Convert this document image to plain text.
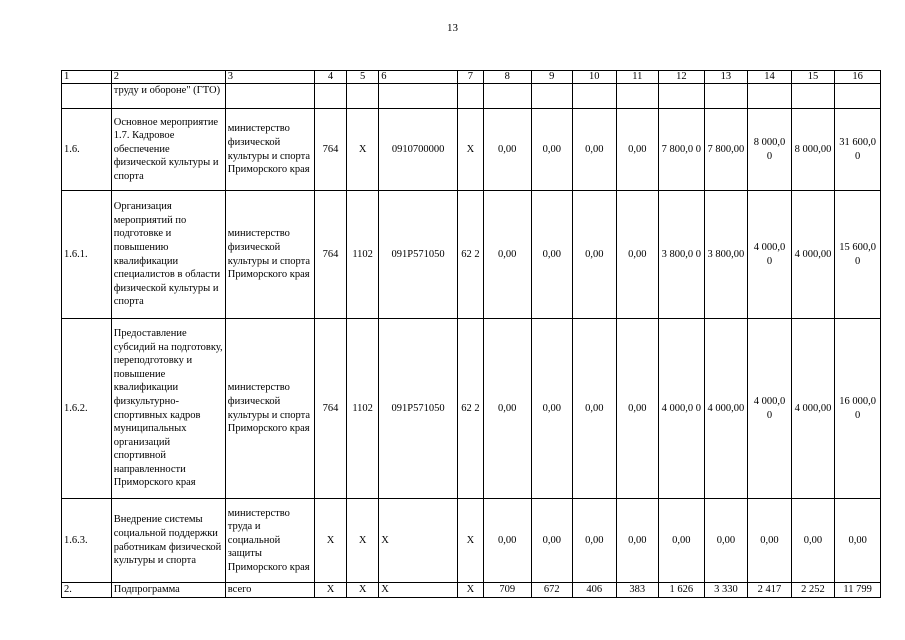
13
1	2	3	4	5	6	7	8	9	10	11	12	13	14	15	16
	труду и обороне" (ГТО)														
1.6.	Основное мероприятие 1.7. Кадровое обеспечение физической культуры и спорта	министерство физической культуры и спорта Приморского края	764	Х	0910700000	Х	0,00	0,00	0,00	0,00	7 800,0 0	7 800,00	8 000,0 0	8 000,00	31 600,00
1.6.1.	Организация мероприятий по подготовке и повышению квалификации специалистов в области физической культуры и спорта	министерство физической культуры и спорта Приморского края	764	1102	091Р571050	62 2	0,00	0,00	0,00	0,00	3 800,0 0	3 800,00	4 000,0 0	4 000,00	15 600,00
1.6.2.	Предоставление субсидий на подготовку, переподготовку и повышение квалификации физкультурно-спортивных кадров муниципальных организаций спортивной направленности Приморского края	министерство физической культуры и спорта Приморского края	764	1102	091Р571050	62 2	0,00	0,00	0,00	0,00	4 000,0 0	4 000,00	4 000,0 0	4 000,00	16 000,00
1.6.3.	Внедрение системы социальной поддержки работникам физической культуры и спорта	министерство труда и социальной защиты Приморского края	Х	Х	Х	Х	0,00	0,00	0,00	0,00	0,00	0,00	0,00	0,00	0,00
2.	Подпрограмма	всего	Х	Х	Х	Х	709	672	406	383	1 626	3 330	2 417	2 252	11 799
